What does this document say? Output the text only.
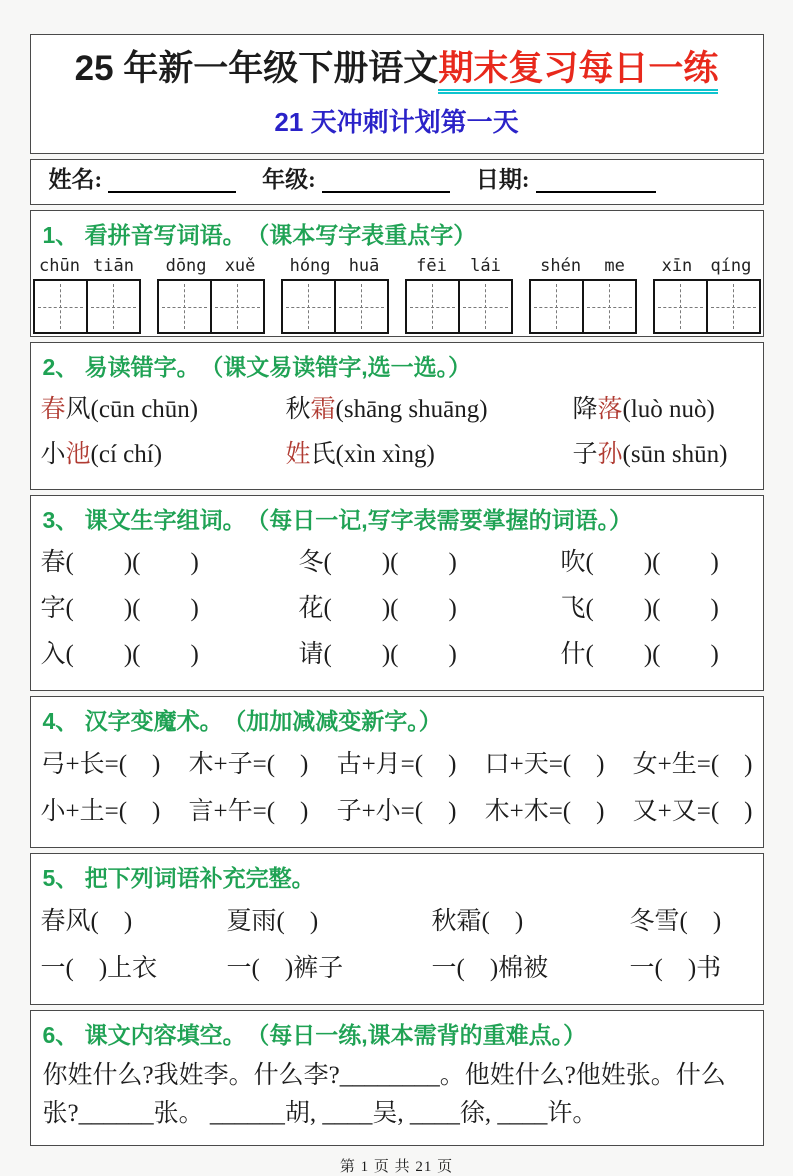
25 年新一年级下册语文期末复习每日一练
21 天冲刺计划第一天
姓名:	年级:	日期:
1、 看拼音写词语。 （课本写字表重点字）
chūn tiān dōng xuě hóng huā fēi lái shén me xīn qíng
2、 易读错字。 （课文易读错字,选一选。）
春风(cūn chūn)	秋霜(shāng shuāng)	降落(luò nuò)
小池(cí chí)	姓氏(xìn xìng)	子孙(sūn shūn)
3、 课文生字组词。 （每日一记,写字表需要掌握的词语。）
春(　　)(　　)	冬(　　)(　　)	吹(　　)(　　)
字(　　)(　　)	花(　　)(　　)	飞(　　)(　　)
入(　　)(　　)	请(　　)(　　)	什(　　)(　　)
4、 汉字变魔术。 （加加减减变新字。）
弓+长=(　) 木+子=(　) 古+月=(　) 口+天=(　) 女+生=(　)
小+土=(　) 言+午=(　) 子+小=(　) 木+木=(　) 又+又=(　)
5、 把下列词语补充完整。
春风(　)	夏雨(　)	秋霜(　)	冬雪(　)
一(　)上衣	一(　)裤子	一(　)棉被	一(　)书
6、 课文内容填空。 （每日一练,课本需背的重难点。）
你姓什么?我姓李。什么李?________。他姓什么?他姓张。什么张?______张。 ______胡, ____吴, ____徐, ____许。
第 1 页 共 21 页
